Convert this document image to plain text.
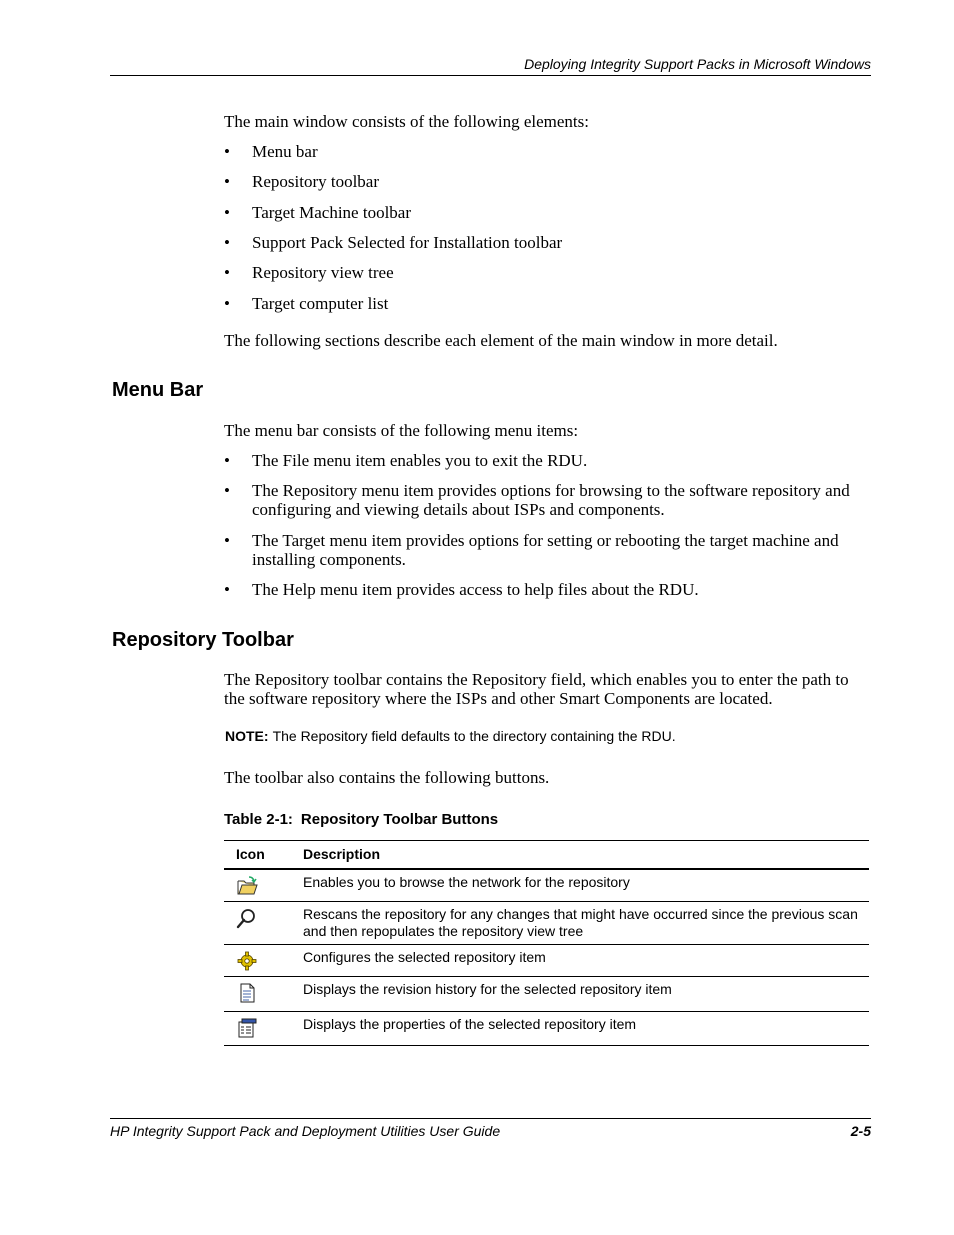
Deploying Integrity Support Packs in Microsoft Windows

The main window consists of the following elements:

• Menu bar
• Repository toolbar
• Target Machine toolbar
• Support Pack Selected for Installation toolbar
• Repository view tree
• Target computer list

The following sections describe each element of the main window in more detail.

Menu Bar

The menu bar consists of the following menu items:

• The File menu item enables you to exit the RDU.
• The Repository menu item provides options for browsing to the software repository and configuring and viewing details about ISPs and components.
• The Target menu item provides options for setting or rebooting the target machine and installing components.
• The Help menu item provides access to help files about the RDU.
Repository Toolbar

The Repository toolbar contains the Repository field, which enables you to enter the path to the software repository where the ISPs and other Smart Components are located.

NOTE: The Repository field defaults to the directory containing the RDU.

The toolbar also contains the following buttons.

Table 2-1: Repository Toolbar Buttons
Icon	Description
	Enables you to browse the network for the repository
	Rescans the repository for any changes that might have occurred since the previous scan and then repopulates the repository view tree
	Configures the selected repository item
	Displays the revision history for the selected repository item
	Displays the properties of the selected repository item
HP Integrity Support Pack and Deployment Utilities User Guide	2-5
